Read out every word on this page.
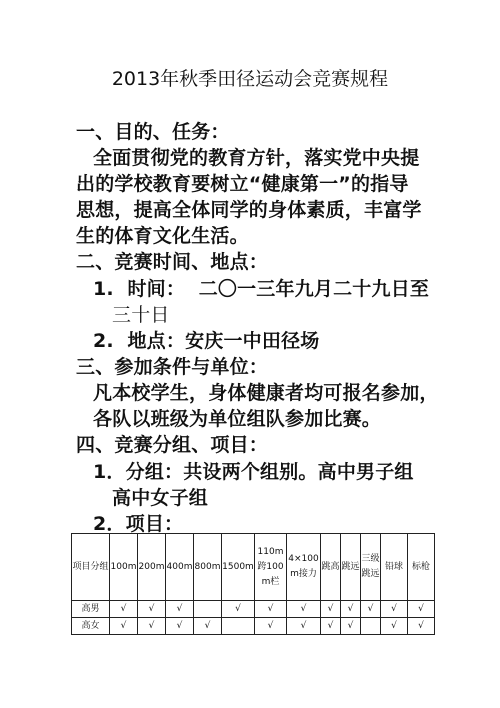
2013年秋季田径运动会竞赛规程
一、目的、任务：
全面贯彻党的教育方针，落实党中央提
出的学校教育要树立“健康第一”的指导
思想，提高全体同学的身体素质，丰富学
生的体育文化生活。
二、竞赛时间、地点：
1.  时间：  二〇一三年九月二十九日至
三十日
2.  地点：安庆一中田径场
三、参加条件与单位：
凡本校学生，身体健康者均可报名参加，
各队以班级为单位组队参加比赛。
四、竞赛分组、项目：
1．分组：共设两个组别。高中男子组
高中女子组
2．项目：
项目分组	100m	200m	400m	800m	1500m	110m跨100m栏	4×100m接力	跳高	跳远	三级跳远	铅球	标枪
高男	√	√	√		√	√	√	√	√	√	√	√
高女	√	√	√	√		√	√	√	√		√	√
